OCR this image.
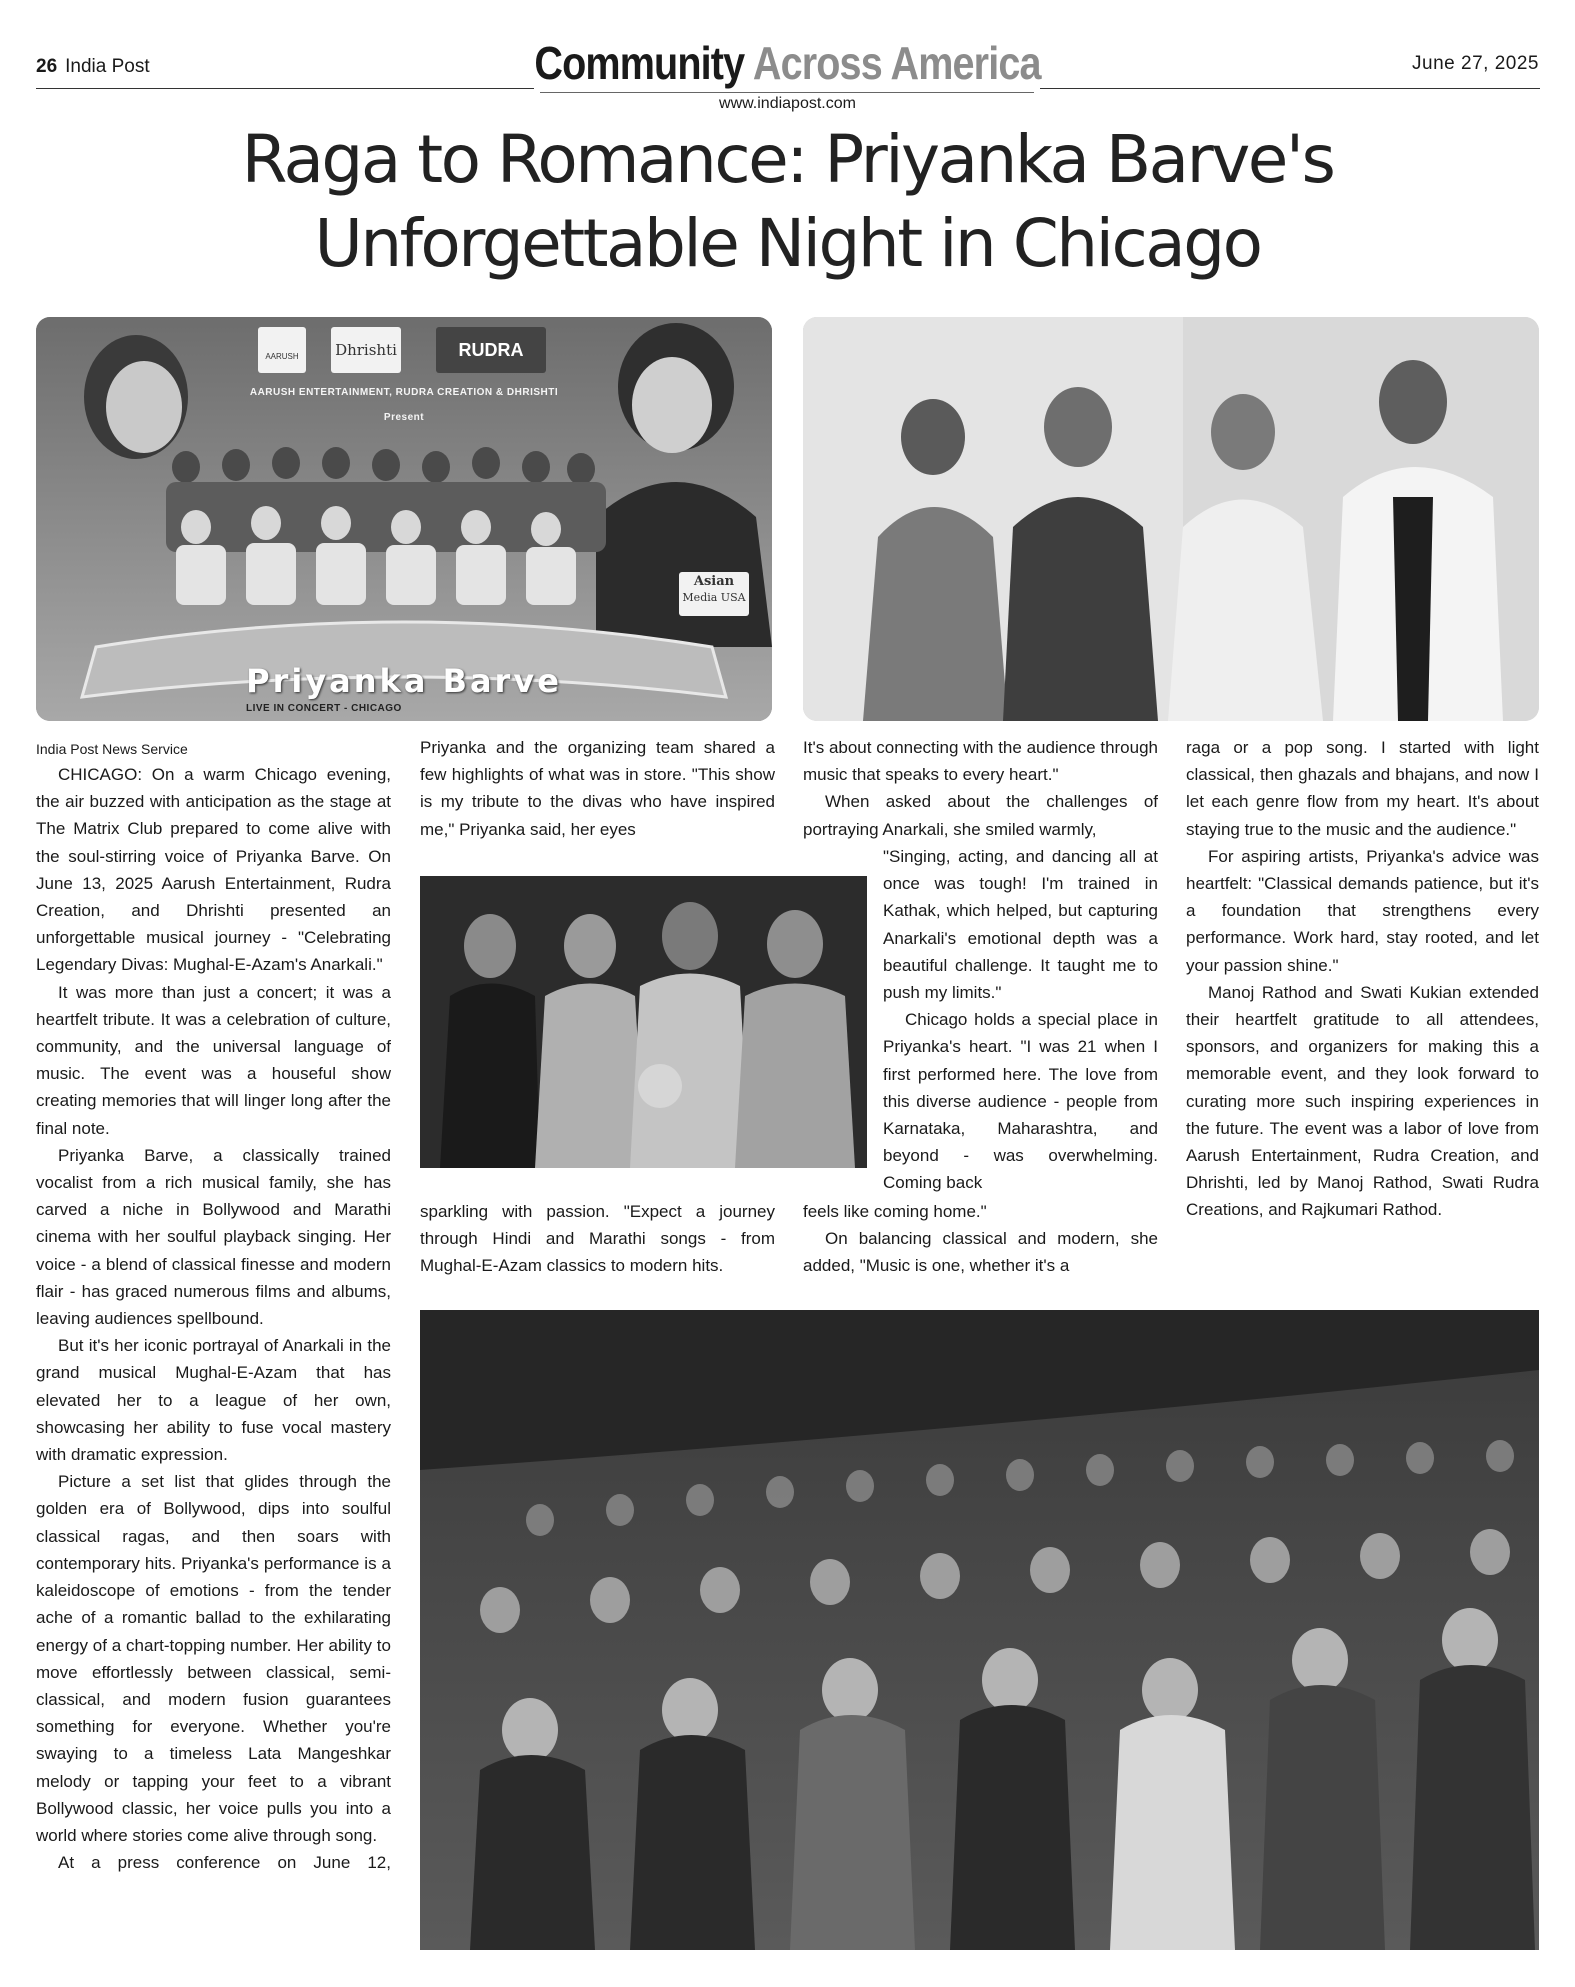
26 India Post	Community Across America
www.indiapost.com
June 27, 2025
Raga to Romance: Priyanka Barve's
Unforgettable Night in Chicago
AARUSH	Dhrishti	RUDRA
AARUSH ENTERTAINMENT, RUDRA CREATION & DHRISHTI
Present
Asian
Media USA
Priyanka Barve
LIVE IN CONCERT - CHICAGO
India Post News Service

CHICAGO: On a warm Chicago evening, the air buzzed with anticipation as the stage at The Matrix Club prepared to come alive with the soul-stirring voice of Priyanka Barve. On June 13, 2025 Aarush Entertainment, Rudra Creation, and Dhrishti presented an unforgettable musical journey - "Celebrating Legendary Divas: Mughal-E-Azam's Anarkali."

It was more than just a concert; it was a heartfelt tribute. It was a celebration of culture, community, and the universal language of music. The event was a houseful show creating memories that will linger long after the final note.

Priyanka Barve, a classically trained vocalist from a rich musical family, she has carved a niche in Bollywood and Marathi cinema with her soulful playback singing. Her voice - a blend of classical finesse and modern flair - has graced numerous films and albums, leaving audiences spellbound.

But it's her iconic portrayal of Anarkali in the grand musical Mughal-E-Azam that has elevated her to a league of her own, showcasing her ability to fuse vocal mastery with dramatic expression.

Picture a set list that glides through the golden era of Bollywood, dips into soulful classical ragas, and then soars with contemporary hits. Priyanka's performance is a kaleidoscope of emotions - from the tender ache of a romantic ballad to the exhilarating energy of a chart-topping number. Her ability to move effortlessly between classical, semi-classical, and modern fusion guarantees something for everyone. Whether you're swaying to a timeless Lata Mangeshkar melody or tapping your feet to a vibrant Bollywood classic, her voice pulls you into a world where stories come alive through song.

At a press conference on June 12,

Priyanka and the organizing team shared a few highlights of what was in store. "This show is my tribute to the divas who have inspired me," Priyanka said, her eyes

sparkling with passion. "Expect a journey through Hindi and Marathi songs - from Mughal-E-Azam classics to modern hits.

It's about connecting with the audience through music that speaks to every heart."

When asked about the challenges of portraying Anarkali, she smiled warmly,

"Singing, acting, and dancing all at once was tough! I'm trained in Kathak, which helped, but capturing Anarkali's emotional depth was a beautiful challenge. It taught me to push my limits."

Chicago holds a special place in Priyanka's heart. "I was 21 when I first performed here. The love from this diverse audience - people from Karnataka, Maharashtra, and beyond - was overwhelming. Coming back

feels like coming home."

On balancing classical and modern, she added, "Music is one, whether it's a

raga or a pop song. I started with light classical, then ghazals and bhajans, and now I let each genre flow from my heart. It's about staying true to the music and the audience."

For aspiring artists, Priyanka's advice was heartfelt: "Classical demands patience, but it's a foundation that strengthens every performance. Work hard, stay rooted, and let your passion shine."

Manoj Rathod and Swati Kukian extended their heartfelt gratitude to all attendees, sponsors, and organizers for making this a memorable event, and they look forward to curating more such inspiring experiences in the future. The event was a labor of love from Aarush Entertainment, Rudra Creation, and Dhrishti, led by Manoj Rathod, Swati Rudra Creations, and Rajkumari Rathod.
